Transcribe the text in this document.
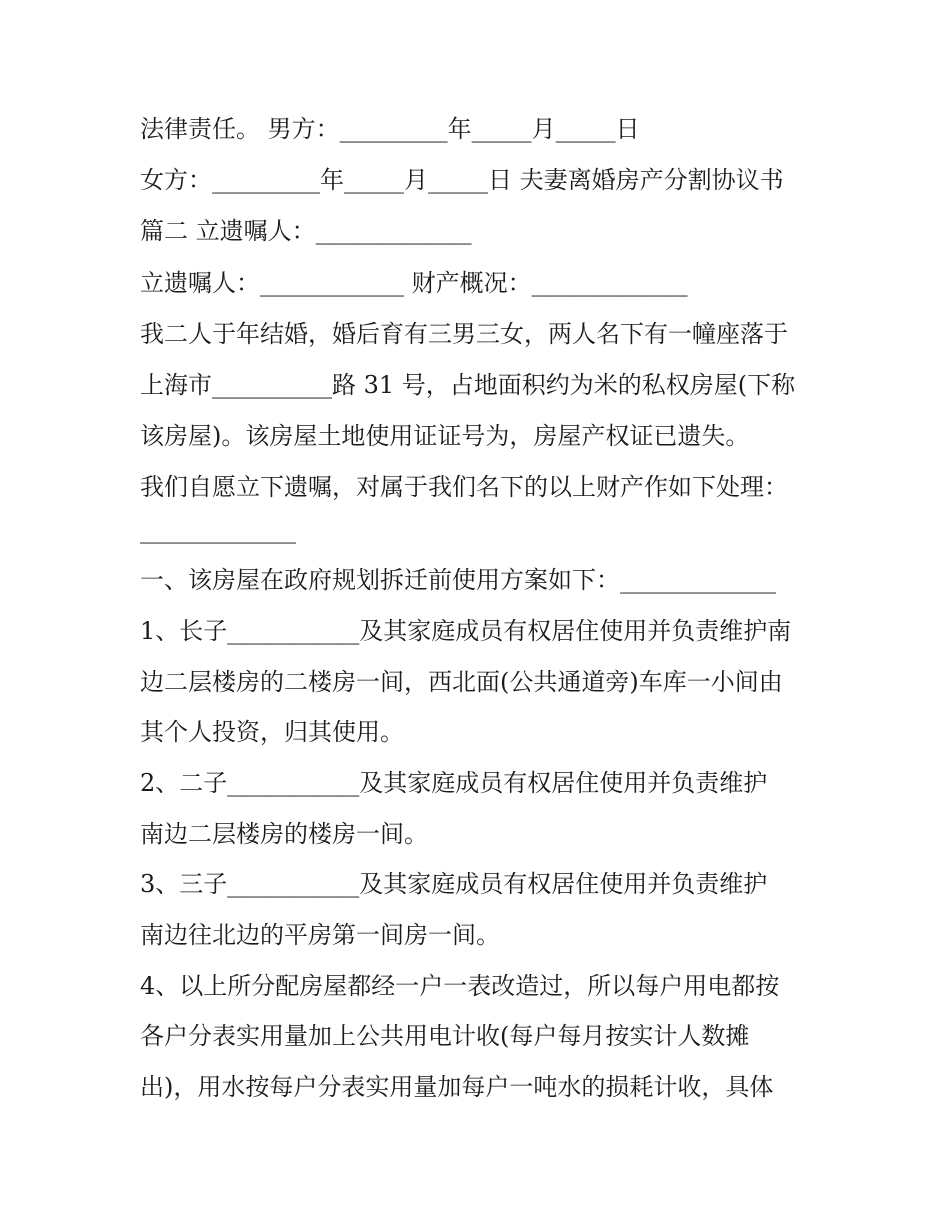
法律责任。 男方：_________年_____月_____日
女方：_________年_____月_____日 夫妻离婚房产分割协议书
篇二 立遗嘱人：_____________
立遗嘱人：____________ 财产概况：_____________
我二人于年结婚，婚后育有三男三女，两人名下有一幢座落于
上海市__________路 31 号，占地面积约为米的私权房屋(下称
该房屋)。该房屋土地使用证证号为，房屋产权证已遗失。
我们自愿立下遗嘱，对属于我们名下的以上财产作如下处理：
_____________
一、该房屋在政府规划拆迁前使用方案如下：_____________
1、长子___________及其家庭成员有权居住使用并负责维护南
边二层楼房的二楼房一间，西北面(公共通道旁)车库一小间由
其个人投资，归其使用。
2、二子___________及其家庭成员有权居住使用并负责维护
南边二层楼房的楼房一间。
3、三子___________及其家庭成员有权居住使用并负责维护
南边往北边的平房第一间房一间。
4、以上所分配房屋都经一户一表改造过，所以每户用电都按
各户分表实用量加上公共用电计收(每户每月按实计人数摊
出)，用水按每户分表实用量加每户一吨水的损耗计收，具体
